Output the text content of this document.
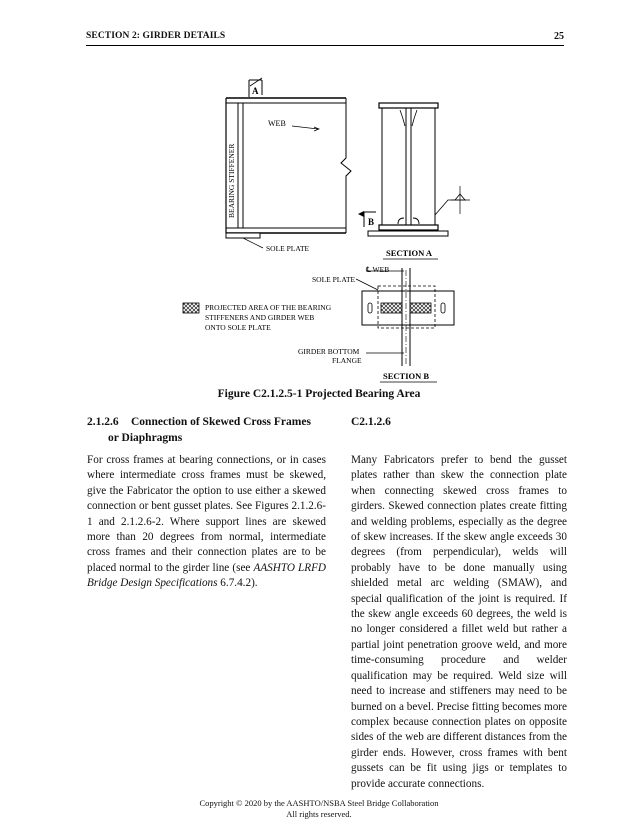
SECTION 2: GIRDER DETAILS	25
WEB
A
BEARING STIFFENER
SOLE PLATE
B
SECTION A
PROJECTED AREA OF THE BEARING
STIFFENERS AND GIRDER WEB
ONTO SOLE PLATE
℄ WEB
SOLE PLATE
GIRDER BOTTOM
FLANGE
SECTION B
Figure C2.1.2.5-1 Projected Bearing Area
2.1.2.6 Connection of Skewed Cross Frames
or Diaphragms

For cross frames at bearing connections, or in cases where intermediate cross frames must be skewed, give the Fabricator the option to use either a skewed connection or bent gusset plates. See Figures 2.1.2.6-1 and 2.1.2.6-2. Where support lines are skewed more than 20 degrees from normal, intermediate cross frames and their connection plates are to be placed normal to the girder line (see AASHTO LRFD Bridge Design Specifications 6.7.4.2).

C2.1.2.6

Many Fabricators prefer to bend the gusset plates rather than skew the connection plate when connecting skewed cross frames to girders. Skewed connection plates create fitting and welding problems, especially as the degree of skew increases. If the skew angle exceeds 30 degrees (from perpendicular), welds will probably have to be done manually using shielded metal arc welding (SMAW), and special qualification of the joint is required. If the skew angle exceeds 60 degrees, the weld is no longer considered a fillet weld but rather a partial joint penetration groove weld, and more time-consuming procedure and welder qualification may be required. Weld size will need to increase and stiffeners may need to be burned on a bevel. Precise fitting becomes more complex because connection plates on opposite sides of the web are different distances from the girder ends. However, cross frames with bent gussets can be fit using jigs or templates to provide accurate connections.

Copyright © 2020 by the AASHTO/NSBA Steel Bridge Collaboration
All rights reserved.
